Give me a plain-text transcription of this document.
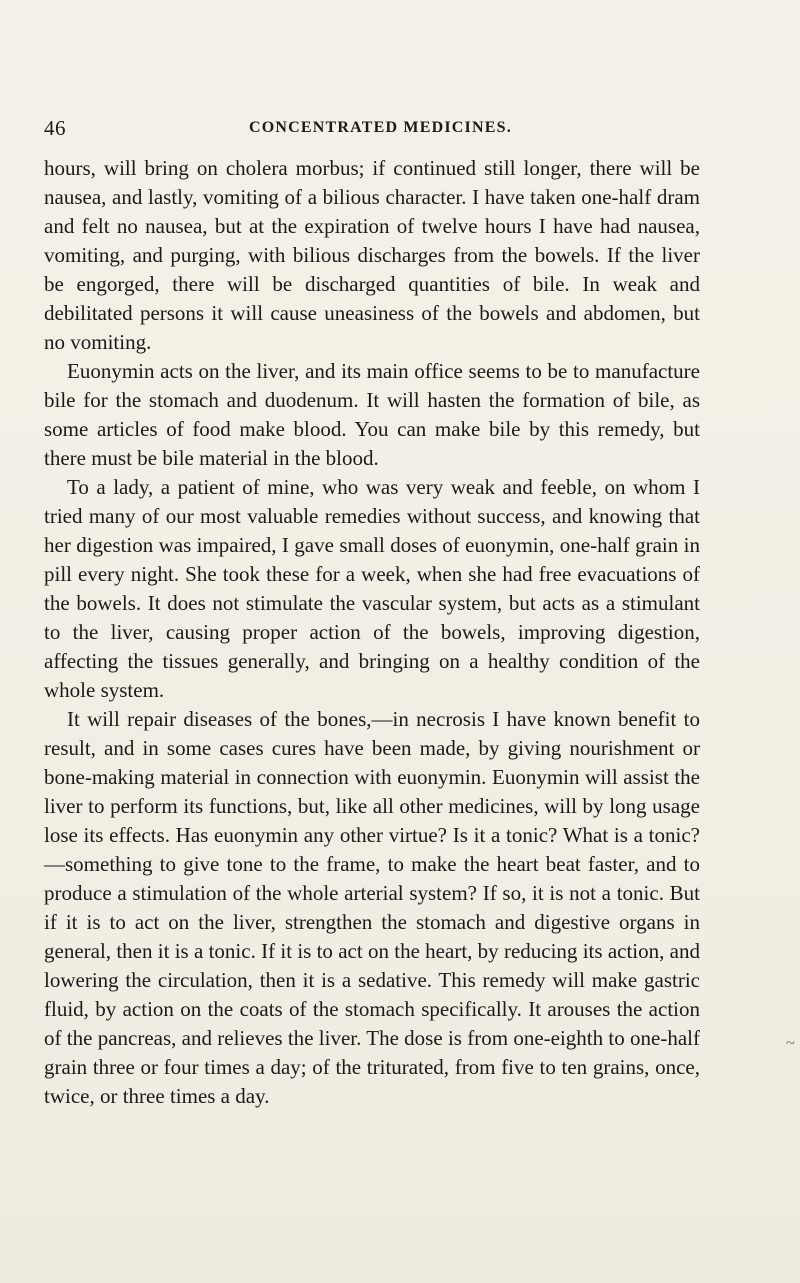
46	CONCENTRATED MEDICINES.

hours, will bring on cholera morbus; if continued still longer, there will be nausea, and lastly, vomiting of a bilious character. I have taken one-half dram and felt no nausea, but at the expiration of twelve hours I have had nausea, vomiting, and purging, with bilious discharges from the bowels. If the liver be engorged, there will be discharged quantities of bile. In weak and debilitated persons it will cause uneasiness of the bowels and abdomen, but no vomiting.

Euonymin acts on the liver, and its main office seems to be to manufacture bile for the stomach and duodenum. It will hasten the formation of bile, as some articles of food make blood. You can make bile by this remedy, but there must be bile material in the blood.

To a lady, a patient of mine, who was very weak and feeble, on whom I tried many of our most valuable remedies without success, and knowing that her digestion was impaired, I gave small doses of euonymin, one-half grain in pill every night. She took these for a week, when she had free evacuations of the bowels. It does not stimulate the vascular system, but acts as a stimulant to the liver, causing proper action of the bowels, improving digestion, affecting the tissues generally, and bringing on a healthy condition of the whole system.

It will repair diseases of the bones,—in necrosis I have known benefit to result, and in some cases cures have been made, by giving nourishment or bone-making material in connection with euonymin. Euonymin will assist the liver to perform its functions, but, like all other medicines, will by long usage lose its effects. Has euonymin any other virtue? Is it a tonic? What is a tonic?—something to give tone to the frame, to make the heart beat faster, and to produce a stimulation of the whole arterial system? If so, it is not a tonic. But if it is to act on the liver, strengthen the stomach and digestive organs in general, then it is a tonic. If it is to act on the heart, by reducing its action, and lowering the circulation, then it is a sedative. This remedy will make gastric fluid, by action on the coats of the stomach specifically. It arouses the action of the pancreas, and relieves the liver. The dose is from one-eighth to one-half grain three or four times a day; of the triturated, from five to ten grains, once, twice, or three times a day.

~
